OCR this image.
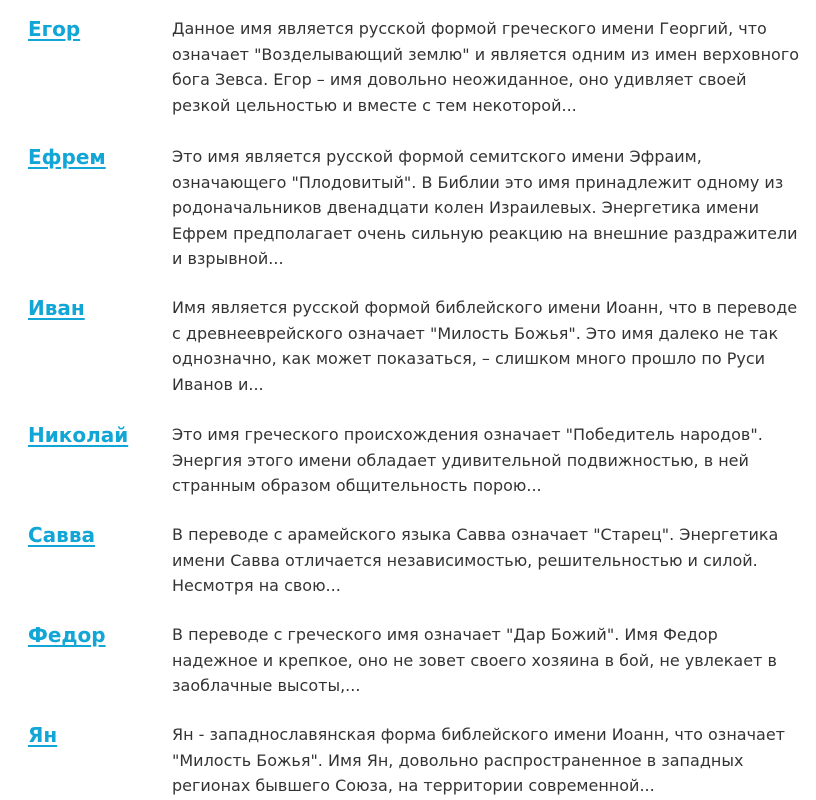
Егор	Данное имя является русской формой греческого имени Георгий, что означает "Возделывающий землю" и является одним из имен верховного бога Зевса. Егор – имя довольно неожиданное, оно удивляет своей резкой цельностью и вместе с тем некоторой...

Ефрем	Это имя является русской формой семитского имени Эфраим, означающего "Плодовитый". В Библии это имя принадлежит одному из родоначальников двенадцати колен Израилевых. Энергетика имени Ефрем предполагает очень сильную реакцию на внешние раздражители и взрывной...

Иван	Имя является русской формой библейского имени Иоанн, что в переводе с древнееврейского означает "Милость Божья". Это имя далеко не так однозначно, как может показаться, – слишком много прошло по Руси Иванов и...

Николай	Это имя греческого происхождения означает "Победитель народов". Энергия этого имени обладает удивительной подвижностью, в ней странным образом общительность порою...

Савва	В переводе с арамейского языка Савва означает "Старец". Энергетика имени Савва отличается независимостью, решительностью и силой. Несмотря на свою...

Федор	В переводе с греческого имя означает "Дар Божий". Имя Федор надежное и крепкое, оно не зовет своего хозяина в бой, не увлекает в заоблачные высоты,...

Ян	Ян - западнославянская форма библейского имени Иоанн, что означает "Милость Божья". Имя Ян, довольно распространенное в западных регионах бывшего Союза, на территории современной...
